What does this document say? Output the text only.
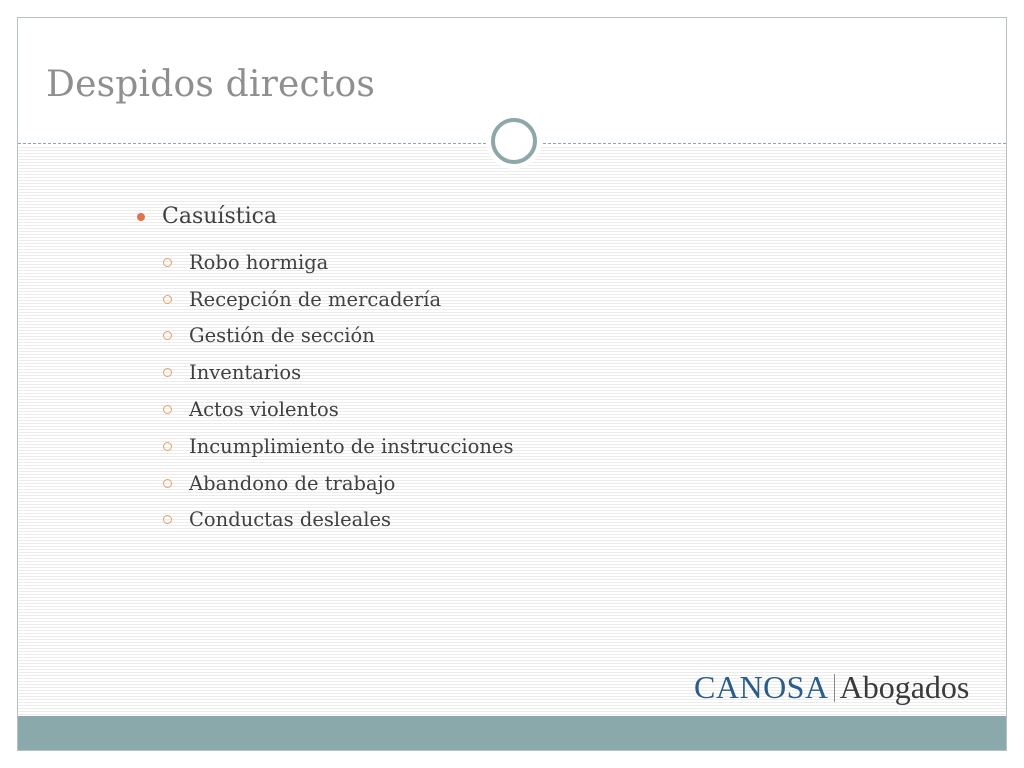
Despidos directos
Casuística
Robo hormiga
Recepción de mercadería
Gestión de sección
Inventarios
Actos violentos
Incumplimiento de instrucciones
Abandono de trabajo
Conductas desleales
CANOSA Abogados
